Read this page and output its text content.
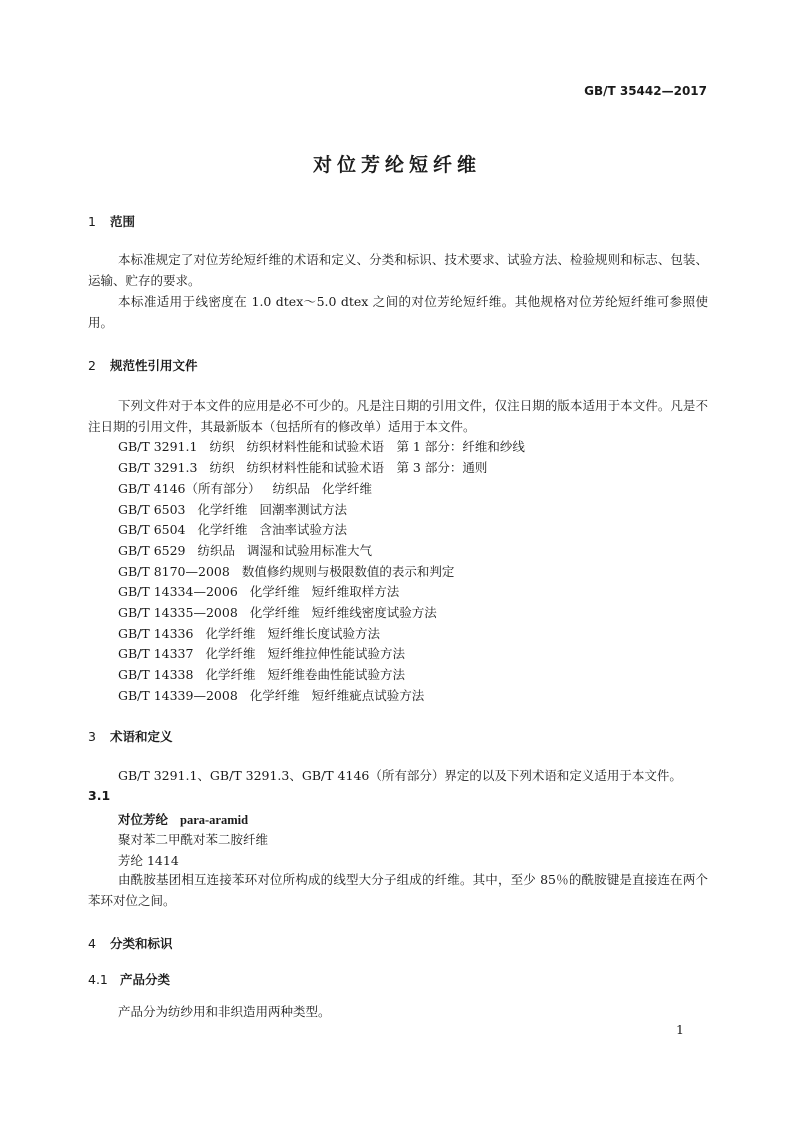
GB/T 35442—2017
对位芳纶短纤维
1 范围

本标准规定了对位芳纶短纤维的术语和定义、分类和标识、技术要求、试验方法、检验规则和标志、包装、运输、贮存的要求。

本标准适用于线密度在 1.0 dtex～5.0 dtex 之间的对位芳纶短纤维。其他规格对位芳纶短纤维可参照使用。

2 规范性引用文件

下列文件对于本文件的应用是必不可少的。凡是注日期的引用文件，仅注日期的版本适用于本文件。凡是不注日期的引用文件，其最新版本（包括所有的修改单）适用于本文件。

GB/T 3291.1 纺织 纺织材料性能和试验术语　第 1 部分：纤维和纱线
GB/T 3291.3 纺织 纺织材料性能和试验术语　第 3 部分：通则
GB/T 4146（所有部分） 纺织品 化学纤维
GB/T 6503 化学纤维 回潮率测试方法
GB/T 6504 化学纤维 含油率试验方法
GB/T 6529 纺织品 调湿和试验用标准大气
GB/T 8170—2008 数值修约规则与极限数值的表示和判定
GB/T 14334—2006 化学纤维 短纤维取样方法
GB/T 14335—2008 化学纤维 短纤维线密度试验方法
GB/T 14336 化学纤维 短纤维长度试验方法
GB/T 14337 化学纤维 短纤维拉伸性能试验方法
GB/T 14338 化学纤维 短纤维卷曲性能试验方法
GB/T 14339—2008 化学纤维 短纤维疵点试验方法
3 术语和定义
GB/T 3291.1、GB/T 3291.3、GB/T 4146（所有部分）界定的以及下列术语和定义适用于本文件。
3.1
对位芳纶 para-aramid
聚对苯二甲酰对苯二胺纤维
芳纶 1414

由酰胺基团相互连接苯环对位所构成的线型大分子组成的纤维。其中，至少 85％的酰胺键是直接连在两个苯环对位之间。

4 分类和标识
4.1 产品分类
产品分为纺纱用和非织造用两种类型。
1
